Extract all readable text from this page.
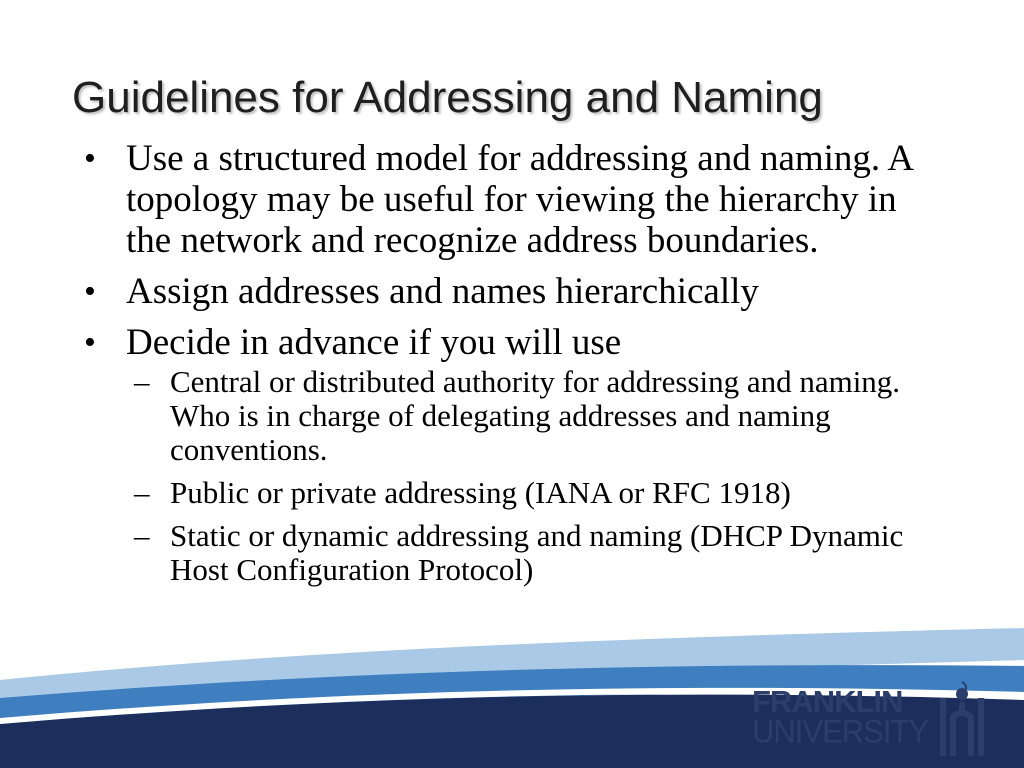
Guidelines for Addressing and Naming
• Use a structured model for addressing and naming. A topology may be useful for viewing the hierarchy in the network and recognize address boundaries.
• Assign addresses and names hierarchically
• Decide in advance if you will use
– Central or distributed authority for addressing and naming. Who is in charge of delegating addresses and naming conventions.
– Public or private addressing (IANA or RFC 1918)
– Static or dynamic addressing and naming (DHCP Dynamic Host Configuration Protocol)
FRANKLIN
UNIVERSITY
